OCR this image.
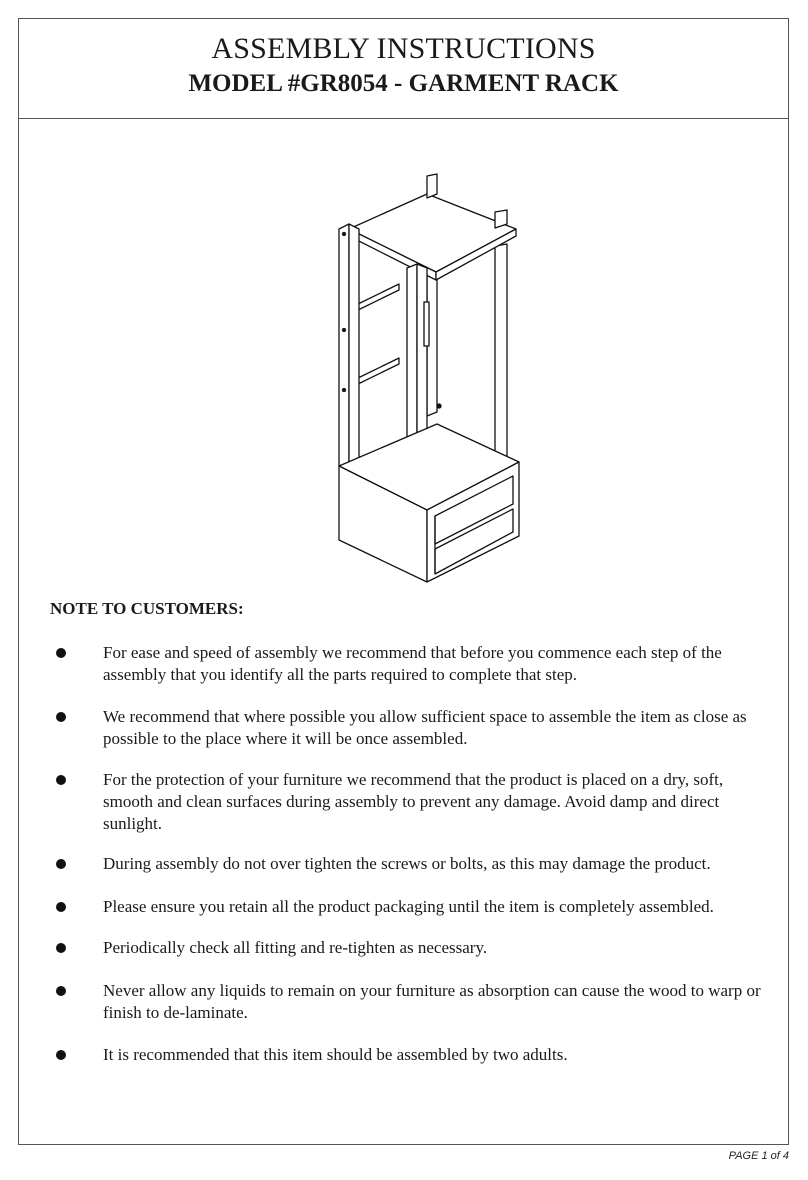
ASSEMBLY INSTRUCTIONS
MODEL #GR8054 - GARMENT RACK
NOTE TO CUSTOMERS:
For ease and speed of assembly we recommend that before you commence each step of the assembly that you identify all the parts required to complete that step.
We recommend that where possible you allow sufficient space to assemble the item as close as possible to the place where it will be once assembled.
For the protection of your furniture we recommend that the product is placed on a dry, soft, smooth and clean surfaces during assembly to prevent any damage. Avoid damp and direct sunlight.
During assembly do not over tighten the screws or bolts, as this may damage the product.
Please ensure you retain all the product packaging until the item is completely assembled.
Periodically check all fitting and re-tighten as necessary.
Never allow any liquids to remain on your furniture as absorption can cause the wood to warp or finish to de-laminate.
It is recommended that this item should be assembled by two adults.
PAGE 1 of 4
